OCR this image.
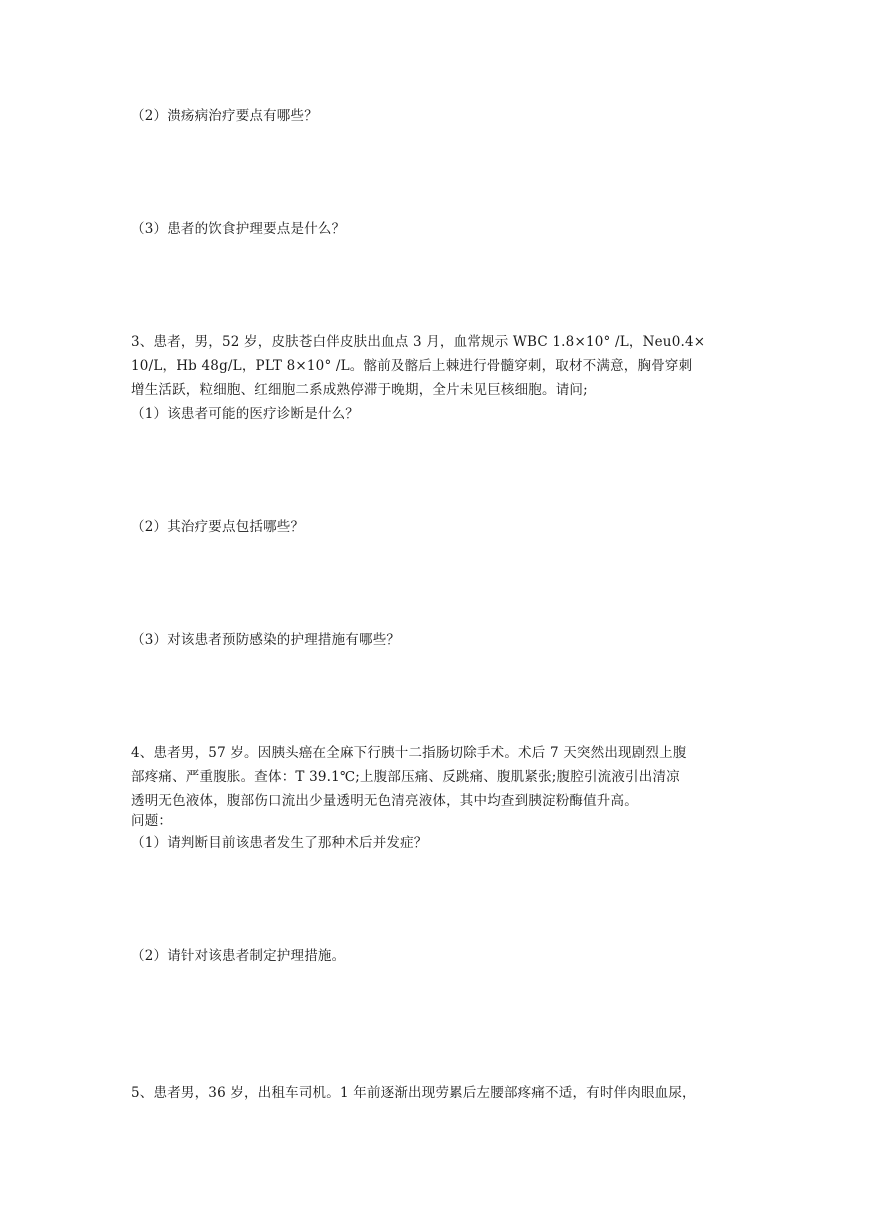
（2）溃疡病治疗要点有哪些？
（3）患者的饮食护理要点是什么？
3、患者，男，52 岁，皮肤苍白伴皮肤出血点 3 月，血常规示 WBC 1.8×10° /L，Neu0.4×
10/L，Hb 48g/L，PLT 8×10° /L。髂前及髂后上棘进行骨髓穿刺，取材不满意，胸骨穿刺
增生活跃，粒细胞、红细胞二系成熟停滞于晚期，全片未见巨核细胞。请问;
（1）该患者可能的医疗诊断是什么？
（2）其治疗要点包括哪些？
（3）对该患者预防感染的护理措施有哪些？
4、患者男，57 岁。因胰头癌在全麻下行胰十二指肠切除手术。术后 7 天突然出现剧烈上腹
部疼痛、严重腹胀。查体：T 39.1℃;上腹部压痛、反跳痛、腹肌紧张;腹腔引流液引出清凉
透明无色液体，腹部伤口流出少量透明无色清亮液体，其中均查到胰淀粉酶值升高。
问题：
（1）请判断目前该患者发生了那种术后并发症？
（2）请针对该患者制定护理措施。
5、患者男，36 岁，出租车司机。1 年前逐渐出现劳累后左腰部疼痛不适，有时伴肉眼血尿，
